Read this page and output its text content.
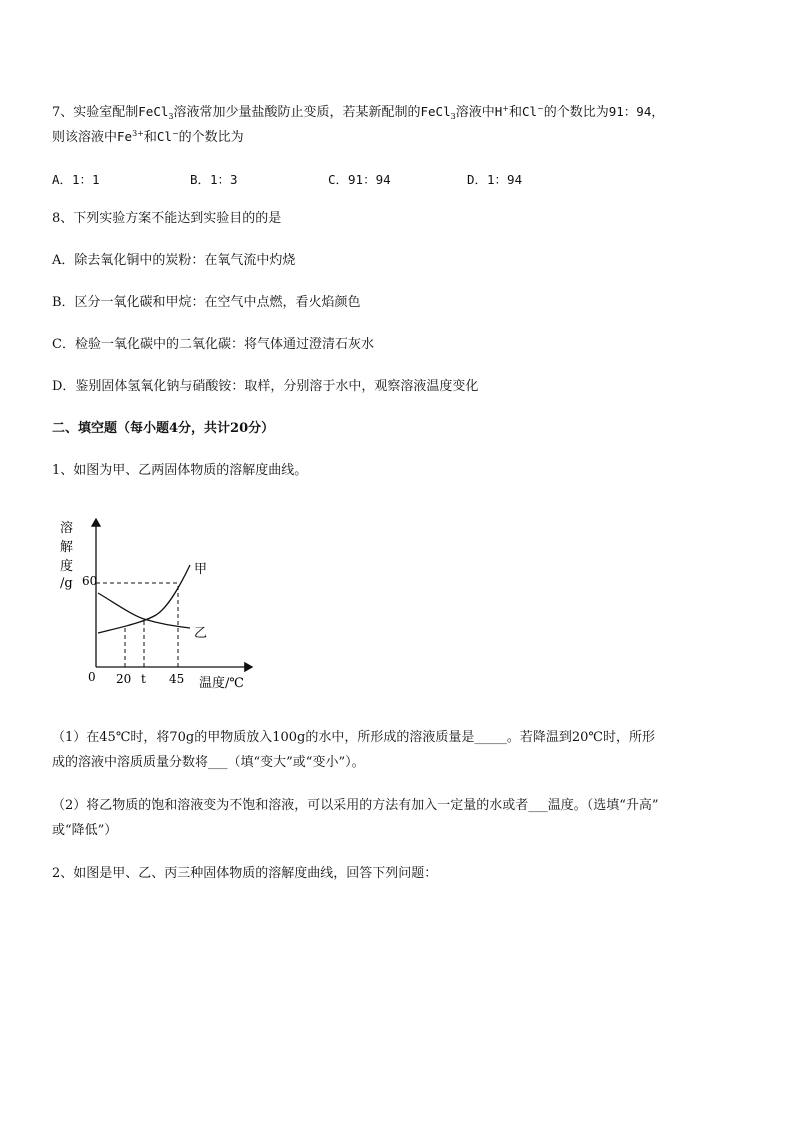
7、实验室配制FeCl$_3$溶液常加少量盐酸防止变质，若某新配制的FeCl$_3$溶液中H+和Cl−的个数比为91：94，
则该溶液中$Fe^{3+}$和Cl−的个数比为
A．1：1	B．1：3	C．91：94	D．1：94
8、下列实验方案不能达到实验目的的是
A．除去氧化铜中的炭粉：在氧气流中灼烧
B．区分一氧化碳和甲烷：在空气中点燃，看火焰颜色
C．检验一氧化碳中的二氧化碳：将气体通过澄清石灰水
D．鉴别固体氢氧化钠与硝酸铵：取样，分别溶于水中，观察溶液温度变化
二、填空题（每小题4分，共计20分）
1、如图为甲、乙两固体物质的溶解度曲线。
溶
解
度
/g 60
0 20 t 45 温度/℃
甲
乙
（1）在45℃时，将70g的甲物质放入100g的水中，所形成的溶液质量是_____。若降温到20℃时，所形
成的溶液中溶质质量分数将___（填“变大”或“变小”）。
（2）将乙物质的饱和溶液变为不饱和溶液，可以采用的方法有加入一定量的水或者___温度。（选填“升高”
或“降低”）
2、如图是甲、乙、丙三种固体物质的溶解度曲线，回答下列问题：
